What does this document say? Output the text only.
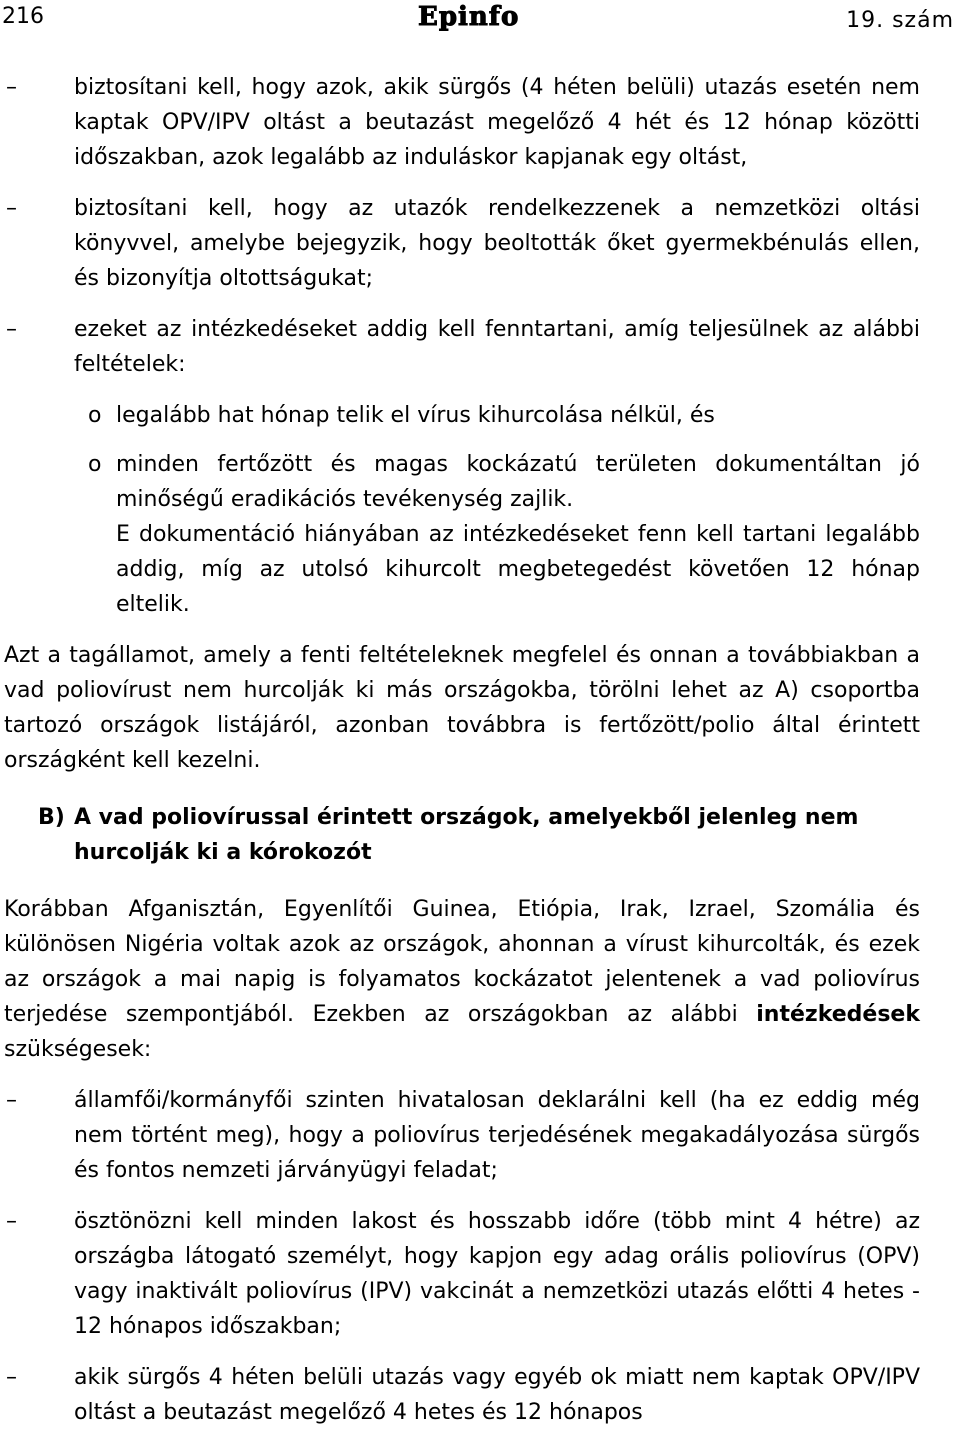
216	Epinfo	19. szám
–	biztosítani kell, hogy azok, akik sürgős (4 héten belüli) utazás esetén nem kaptak OPV/IPV oltást a beutazást megelőző 4 hét és 12 hónap közötti időszakban, azok legalább az induláskor kapjanak egy oltást,

–	biztosítani kell, hogy az utazók rendelkezzenek a nemzetközi oltási könyvvel, amelybe bejegyzik, hogy beoltották őket gyermekbénulás ellen, és bizonyítja oltottságukat;

–	ezeket az intézkedéseket addig kell fenntartani, amíg teljesülnek az alábbi feltételek:

o legalább hat hónap telik el vírus kihurcolása nélkül, és

o minden fertőzött és magas kockázatú területen dokumentáltan jó minőségű eradikációs tevékenység zajlik.

E dokumentáció hiányában az intézkedéseket fenn kell tartani legalább addig, míg az utolsó kihurcolt megbetegedést követően 12 hónap eltelik.

Azt a tagállamot, amely a fenti feltételeknek megfelel és onnan a továbbiakban a vad poliovírust nem hurcolják ki más országokba, törölni lehet az A) csoportba tartozó országok listájáról, azonban továbbra is fertőzött/polio által érintett országként kell kezelni.

B) A vad poliovírussal érintett országok, amelyekből jelenleg nem hurcolják ki a kórokozót

Korábban Afganisztán, Egyenlítői Guinea, Etiópia, Irak, Izrael, Szomália és különösen Nigéria voltak azok az országok, ahonnan a vírust kihurcolták, és ezek az országok a mai napig is folyamatos kockázatot jelentenek a vad poliovírus terjedése szempontjából. Ezekben az országokban az alábbi intézkedések szükségesek:

–	államfői/kormányfői szinten hivatalosan deklarálni kell (ha ez eddig még nem történt meg), hogy a poliovírus terjedésének megakadályozása sürgős és fontos nemzeti járványügyi feladat;

–	ösztönözni kell minden lakost és hosszabb időre (több mint 4 hétre) az országba látogató személyt, hogy kapjon egy adag orális poliovírus (OPV) vagy inaktivált poliovírus (IPV) vakcinát a nemzetközi utazás előtti 4 hetes - 12 hónapos időszakban;

–	akik sürgős 4 héten belüli utazás vagy egyéb ok miatt nem kaptak OPV/IPV oltást a beutazást megelőző 4 hetes és 12 hónapos
